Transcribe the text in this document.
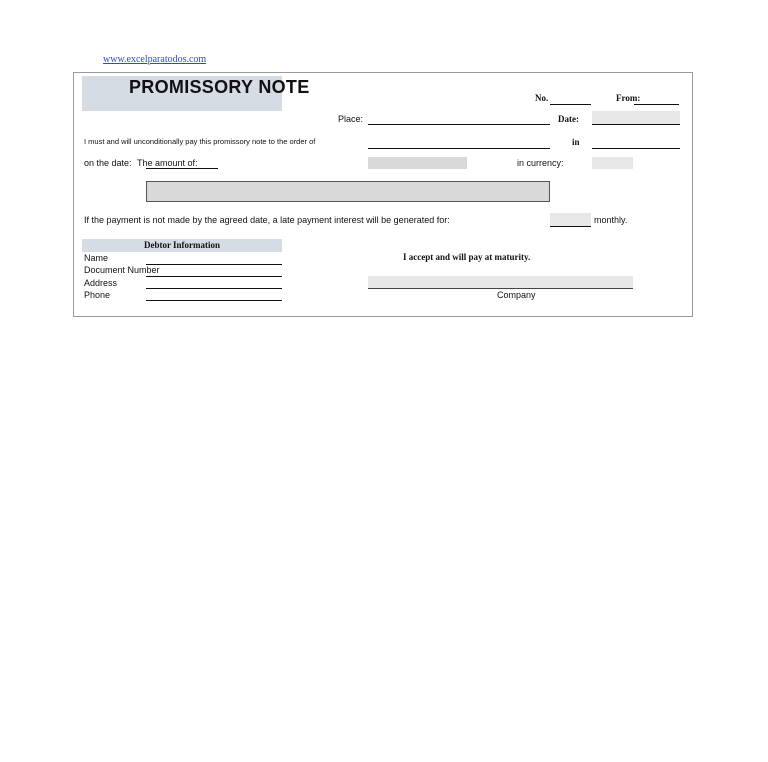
www.excelparatodos.com
PROMISSORY NOTE
No.	From:
Place:	Date:
I must and will unconditionally pay this promissory note to the order of	in
on the date: The amount of:	in currency:
If the payment is not made by the agreed date, a late payment interest will be generated for:	monthly.
Debtor Information
Name
Document Number
Address
Phone
I accept and will pay at maturity.
Company
